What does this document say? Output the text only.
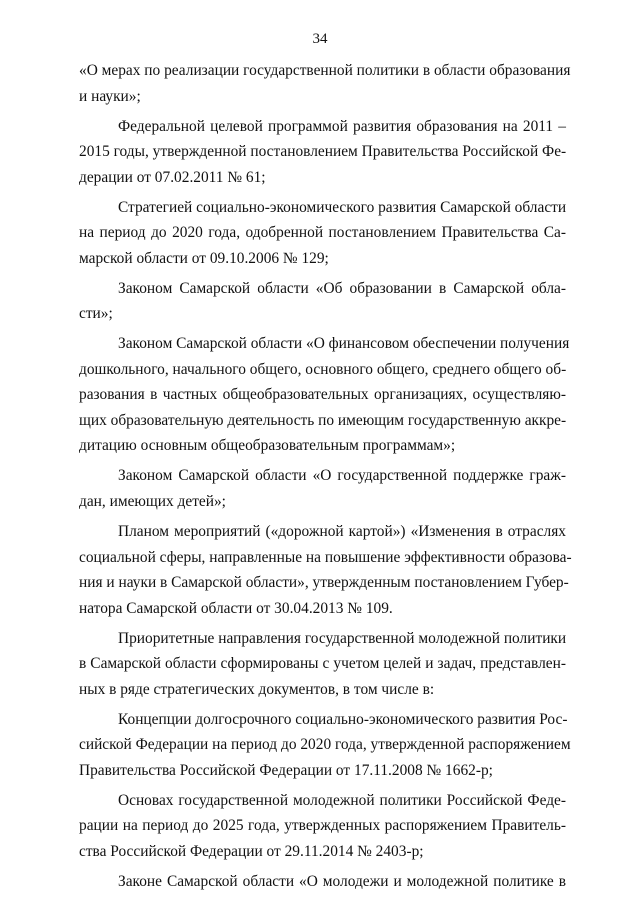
34
«О мерах по реализации государственной политики в области образования
и науки»;
Федеральной целевой программой развития образования на 2011 –
2015 годы, утвержденной постановлением Правительства Российской Фе-
дерации от 07.02.2011 № 61;
Стратегией социально-экономического развития Самарской области
на период до 2020 года, одобренной постановлением Правительства Са-
марской области от 09.10.2006 № 129;
Законом Самарской области «Об образовании в Самарской обла-
сти»;
Законом Самарской области «О финансовом обеспечении получения
дошкольного, начального общего, основного общего, среднего общего об-
разования в частных общеобразовательных организациях, осуществляю-
щих образовательную деятельность по имеющим государственную аккре-
дитацию основным общеобразовательным программам»;
Законом Самарской области «О государственной поддержке граж-
дан, имеющих детей»;
Планом мероприятий («дорожной картой») «Изменения в отраслях
социальной сферы, направленные на повышение эффективности образова-
ния и науки в Самарской области», утвержденным постановлением Губер-
натора Самарской области от 30.04.2013 № 109.
Приоритетные направления государственной молодежной политики
в Самарской области сформированы с учетом целей и задач, представлен-
ных в ряде стратегических документов, в том числе в:
Концепции долгосрочного социально-экономического развития Рос-
сийской Федерации на период до 2020 года, утвержденной распоряжением
Правительства Российской Федерации от 17.11.2008 № 1662-р;
Основах государственной молодежной политики Российской Феде-
рации на период до 2025 года, утвержденных распоряжением Правитель-
ства Российской Федерации от 29.11.2014 № 2403-р;
Законе Самарской области «О молодежи и молодежной политике в
